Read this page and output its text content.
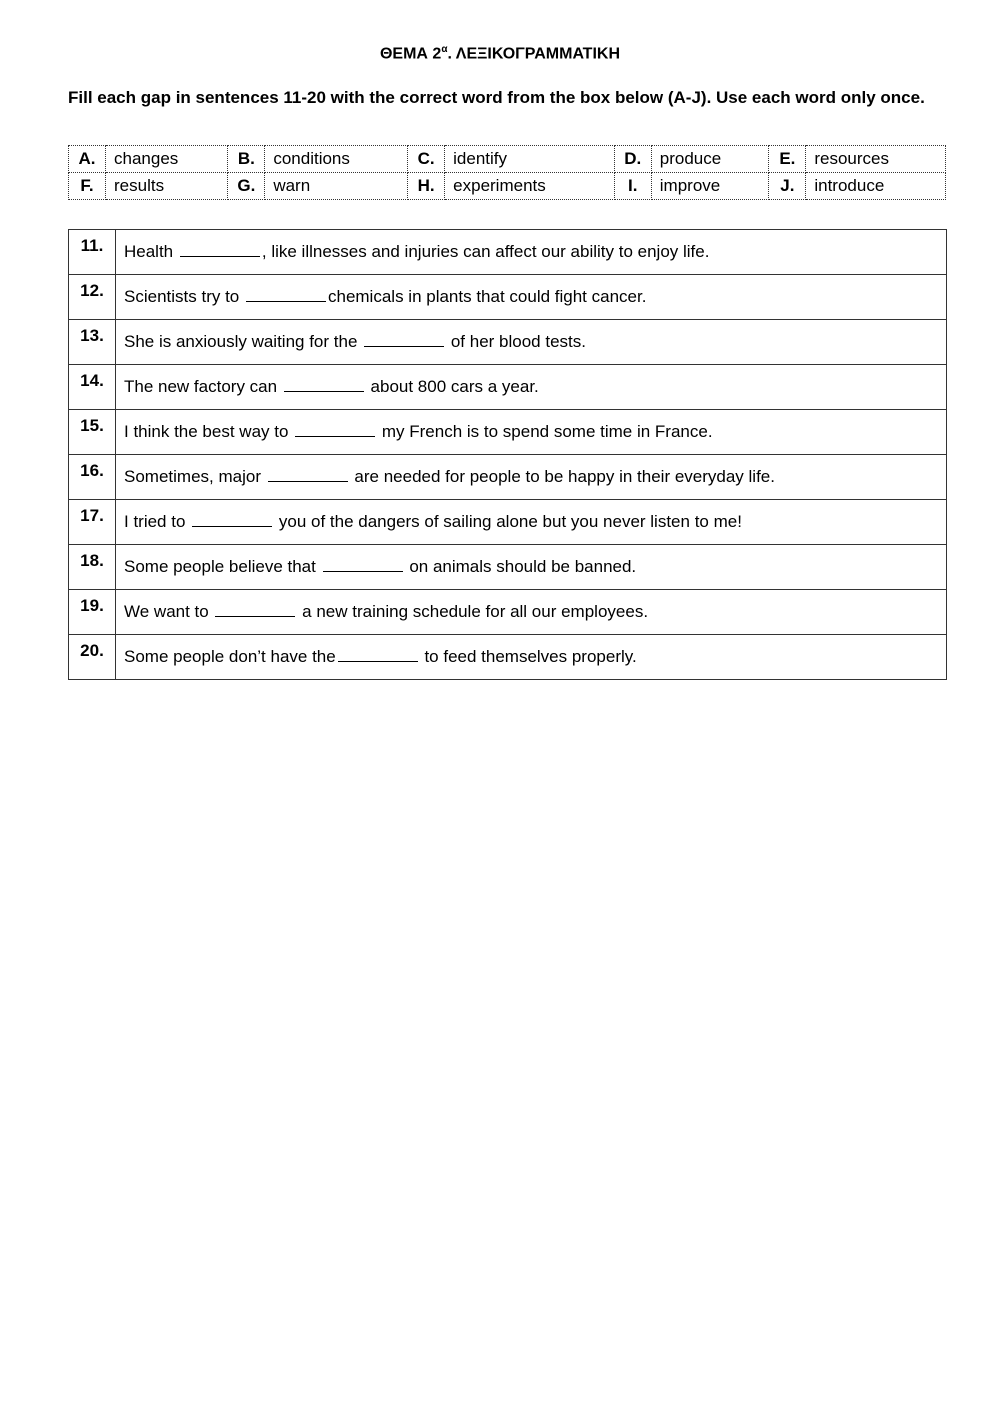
ΘΕΜΑ $2^\alpha$. ΛΕΞΙΚΟΓΡΑΜΜΑΤΙΚΗ
Fill each gap in sentences 11-20 with the correct word from the box below (A-J). Use each word only once.
A.	changes	B.	conditions	C.	identify	D.	produce	E.	resources
F.	results	G.	warn	H.	experiments	I.	improve	J.	introduce
11.	Health , like illnesses and injuries can affect our ability to enjoy life.
12.	Scientists try to chemicals in plants that could fight cancer.
13.	She is anxiously waiting for the of her blood tests.
14.	The new factory can about 800 cars a year.
15.	I think the best way to my French is to spend some time in France.
16.	Sometimes, major are needed for people to be happy in their everyday life.
17.	I tried to you of the dangers of sailing alone but you never listen to me!
18.	Some people believe that on animals should be banned.
19.	We want to a new training schedule for all our employees.
20.	Some people don’t have the to feed themselves properly.
